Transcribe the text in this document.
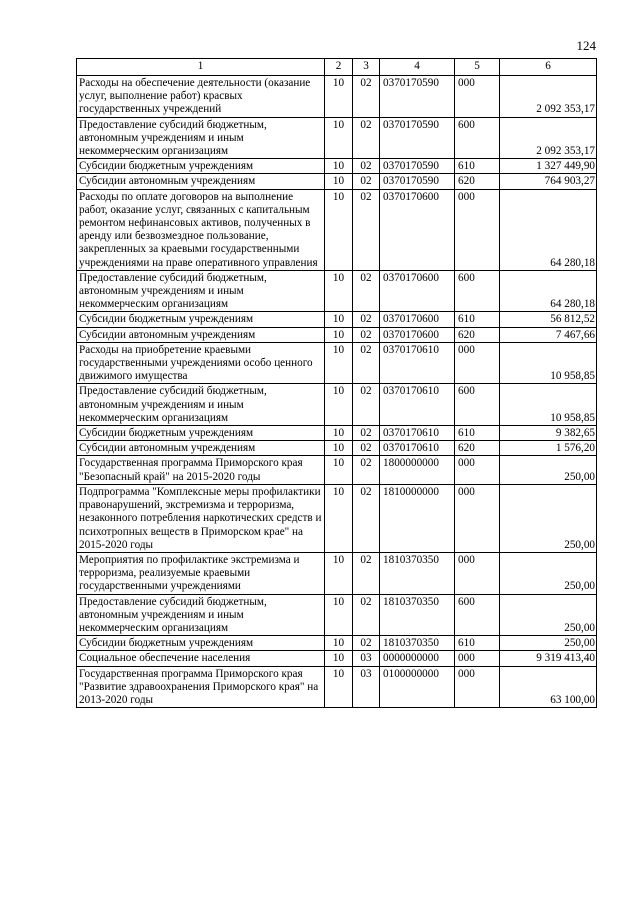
124
1	2	3	4	5	6
Расходы на обеспечение деятельности (оказание услуг, выполнение работ) красвых государственных учреждений	10	02	0370170590	000	2 092 353,17
Предоставление субсидий бюджетным, автономным учреждениям и иным некоммерческим организациям	10	02	0370170590	600	2 092 353,17
Субсидии бюджетным учреждениям	10	02	0370170590	610	1 327 449,90
Субсидии автономным учреждениям	10	02	0370170590	620	764 903,27
Расходы по оплате договоров на выполнение работ, оказание услуг, связанных с капитальным ремонтом нефинансовых активов, полученных в аренду или безвозмездное пользование, закрепленных за краевыми государственными учреждениями на праве оперативного управления	10	02	0370170600	000	64 280,18
Предоставление субсидий бюджетным, автономным учреждениям и иным некоммерческим организациям	10	02	0370170600	600	64 280,18
Субсидии бюджетным учреждениям	10	02	0370170600	610	56 812,52
Субсидии автономным учреждениям	10	02	0370170600	620	7 467,66
Расходы на приобретение краевыми государственными учреждениями особо ценного движимого имущества	10	02	0370170610	000	10 958,85
Предоставление субсидий бюджетным, автономным учреждениям и иным некоммерческим организациям	10	02	0370170610	600	10 958,85
Субсидии бюджетным учреждениям	10	02	0370170610	610	9 382,65
Субсидии автономным учреждениям	10	02	0370170610	620	1 576,20
Государственная программа Приморского края "Безопасный край" на 2015-2020 годы	10	02	1800000000	000	250,00
Подпрограмма "Комплексные меры профилактики правонарушений, экстремизма и терроризма, незаконного потребления наркотических средств и психотропных веществ в Приморском крае" на 2015-2020 годы	10	02	1810000000	000	250,00
Мероприятия по профилактике экстремизма и терроризма, реализуемые краевыми государственными учреждениями	10	02	1810370350	000	250,00
Предоставление субсидий бюджетным, автономным учреждениям и иным некоммерческим организациям	10	02	1810370350	600	250,00
Субсидии бюджетным учреждениям	10	02	1810370350	610	250,00
Социальное обеспечение населения	10	03	0000000000	000	9 319 413,40
Государственная программа Приморского края "Развитие здравоохранения Приморского края" на 2013-2020 годы	10	03	0100000000	000	63 100,00
